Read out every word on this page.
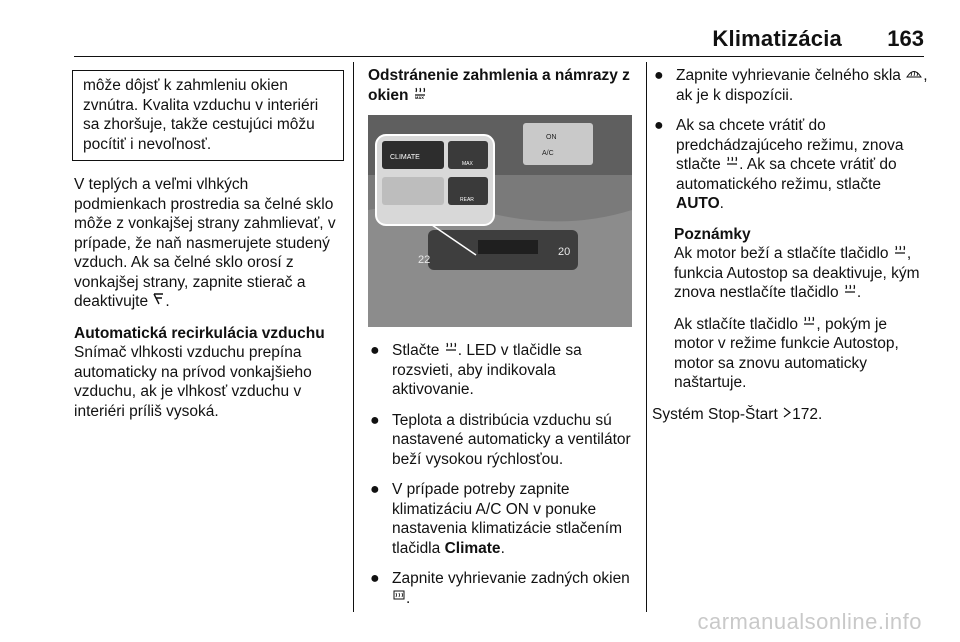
Klimatizácia 163
môže dôjsť k zahmleniu okien zvnútra. Kvalita vzduchu v interiéri sa zhoršuje, takže cestujúci môžu pocítiť i nevoľnosť.

V teplých a veľmi vlhkých podmienkach prostredia sa čelné sklo môže z vonkajšej strany zahmlievať, v prípade, že naň nasmerujete studený vzduch. Ak sa čelné sklo orosí z vonkajšej strany, zapnite stierač a deaktivujte .

Automatická recirkulácia vzduchu
Snímač vlhkosti vzduchu prepína automaticky na prívod vonkajšieho vzduchu, ak je vlhkosť vzduchu v interiéri príliš vysoká.
Odstránenie zahmlenia a námrazy z okien MAX
22
20
ON
A/C
CLIMATE
MAX
REAR
● Stlačte . LED v tlačidle sa rozsvieti, aby indikovala aktivovanie.
● Teplota a distribúcia vzduchu sú nastavené automaticky a ventilátor beží vysokou rýchlosťou.
● V prípade potreby zapnite klimatizáciu A/C ON v ponuke nastavenia klimatizácie stlačením tlačidla Climate.
● Zapnite vyhrievanie zadných okien .
● Zapnite vyhrievanie čelného skla , ak je k dispozícii.
● Ak sa chcete vrátiť do predchádzajúceho režimu, znova stlačte . Ak sa chcete vrátiť do automatického režimu, stlačte AUTO.
Poznámky

Ak motor beží a stlačíte tlačidlo , funkcia Autostop sa deaktivuje, kým znova nestlačíte tlačidlo .

Ak stlačíte tlačidlo , pokým je motor v režime funkcie Autostop, motor sa znovu automaticky naštartuje.

Systém Stop-Štart 172.

carmanualsonline.info
